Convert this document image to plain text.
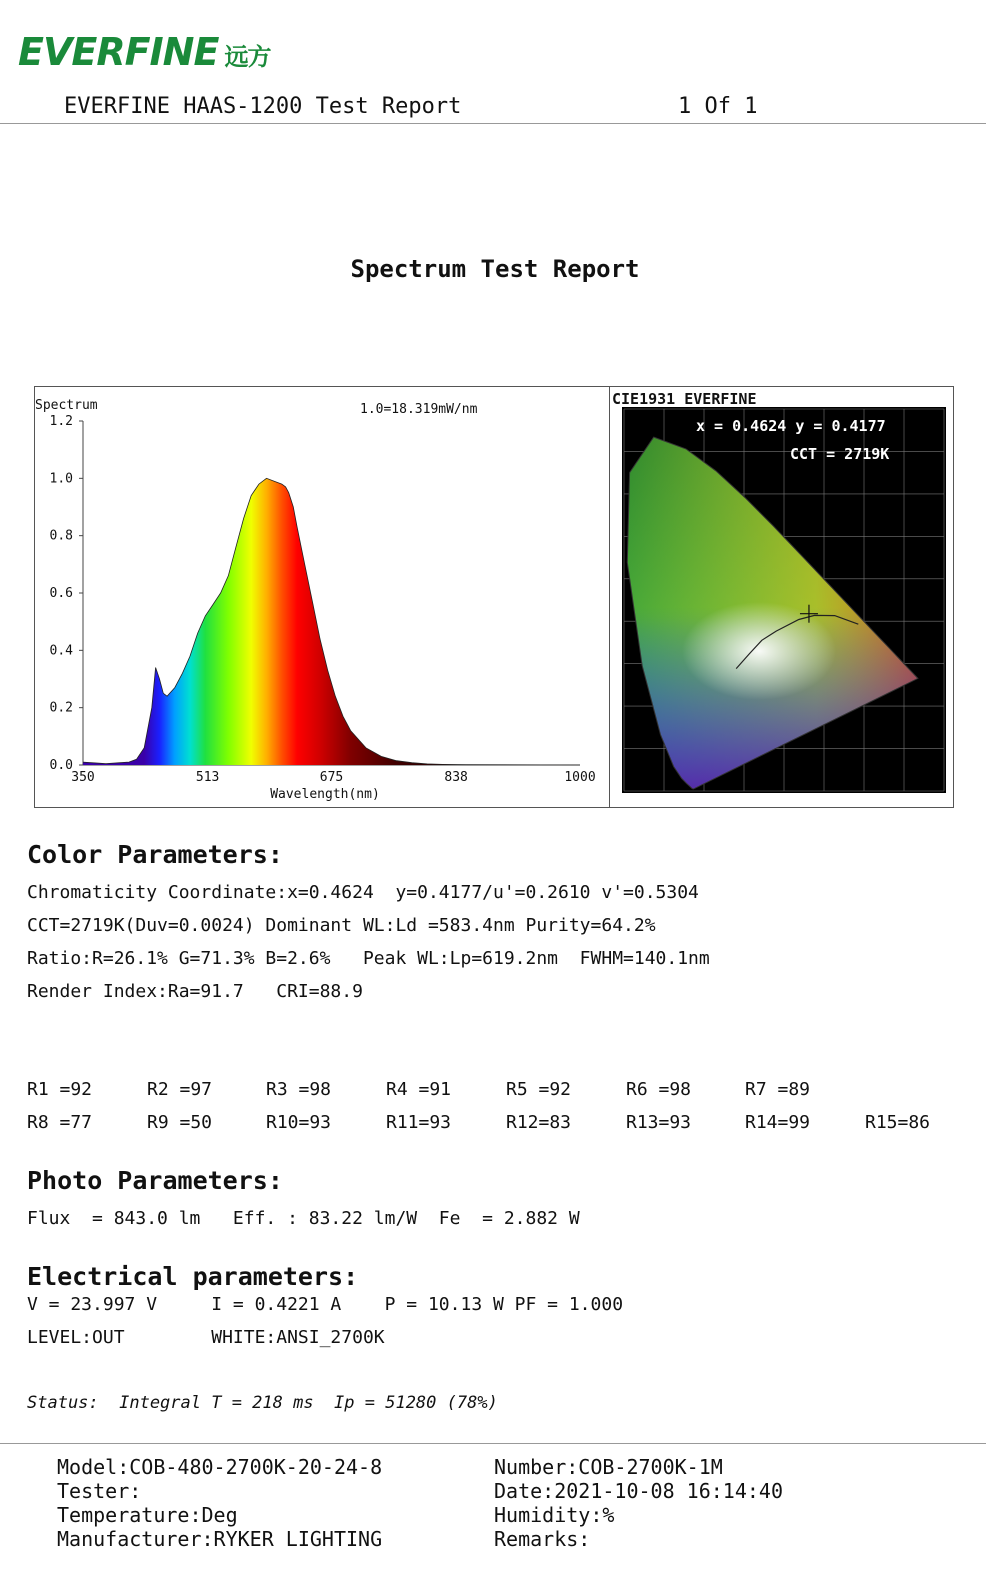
EVERFINE 远方
EVERFINE HAAS-1200 Test Report	1 Of 1
Spectrum Test Report
Spectrum	1.0=18.319mW/nm
1.2
1.0
0.8
0.6
0.4
0.2
0.0
350	513	675	838	1000
Wavelength(nm)
CIE1931 EVERFINE
x = 0.4624 y = 0.4177
CCT = 2719K
Color Parameters:
Chromaticity Coordinate:x=0.4624  y=0.4177/u'=0.2610 v'=0.5304
CCT=2719K(Duv=0.0024) Dominant WL:Ld =583.4nm Purity=64.2%
Ratio:R=26.1% G=71.3% B=2.6%   Peak WL:Lp=619.2nm  FWHM=140.1nm
Render Index:Ra=91.7   CRI=88.9
R1 =92	R2 =97	R3 =98	R4 =91	R5 =92	R6 =98	R7 =89
R8 =77	R9 =50	R10=93	R11=93	R12=83	R13=93	R14=99	R15=86
Photo Parameters:
Flux  = 843.0 lm   Eff. : 83.22 lm/W  Fe  = 2.882 W
Electrical parameters:
V = 23.997 V     I = 0.4221 A    P = 10.13 W PF = 1.000
LEVEL:OUT        WHITE:ANSI_2700K
Status:  Integral T = 218 ms  Ip = 51280 (78%)
Model:COB-480-2700K-20-24-8
Tester:
Temperature:Deg
Manufacturer:RYKER LIGHTING
Number:COB-2700K-1M
Date:2021-10-08 16:14:40
Humidity:%
Remarks:
